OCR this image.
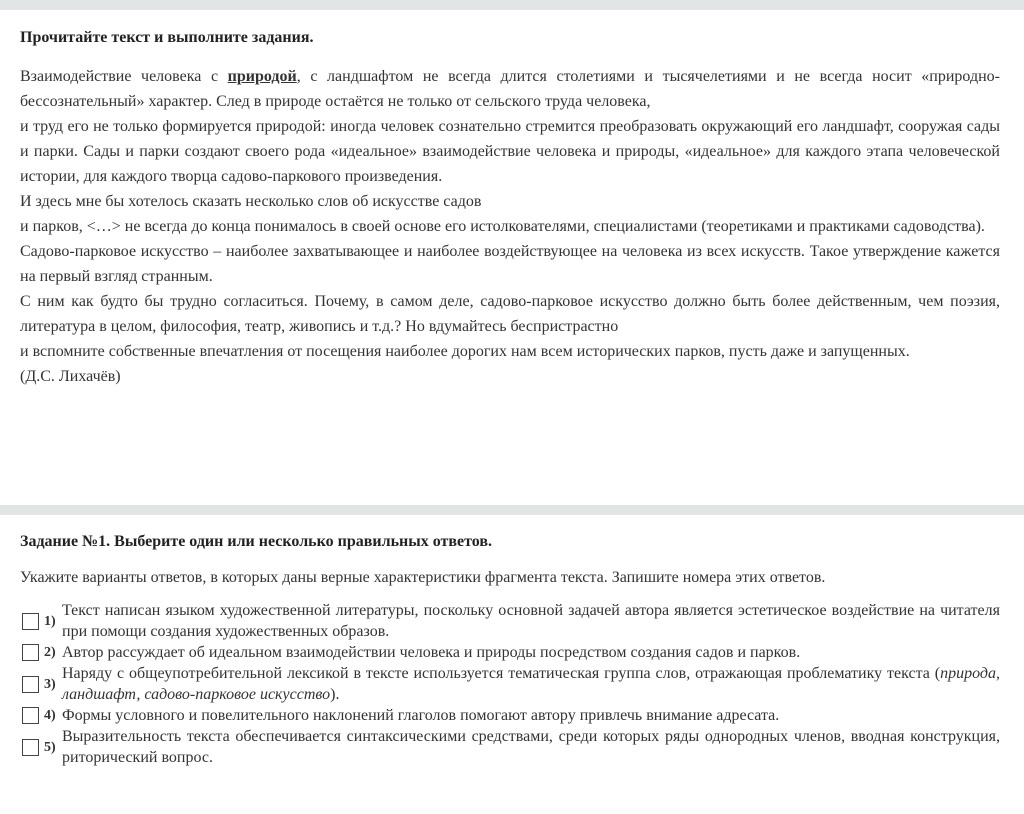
Прочитайте текст и выполните задания.

Взаимодействие человека с природой, с ландшафтом не всегда длится столетиями и тысячелетиями и не всегда носит «природно-бессознательный» характер. След в природе остаётся не только от сельского труда человека,

и труд его не только формируется природой: иногда человек сознательно стремится преобразовать окружающий его ландшафт, сооружая сады и парки. Сады и парки создают своего рода «идеальное» взаимодействие человека и природы, «идеальное» для каждого этапа человеческой истории, для каждого творца садово-паркового произведения.

И здесь мне бы хотелось сказать несколько слов об искусстве садов

и парков, <…> не всегда до конца понималось в своей основе его истолкователями, специалистами (теоретиками и практиками садоводства).

Садово-парковое искусство – наиболее захватывающее и наиболее воздействующее на человека из всех искусств. Такое утверждение кажется на первый взгляд странным.

С ним как будто бы трудно согласиться. Почему, в самом деле, садово-парковое искусство должно быть более действенным, чем поэзия, литература в целом, философия, театр, живопись и т.д.? Но вдумайтесь беспристрастно

и вспомните собственные впечатления от посещения наиболее дорогих нам всем исторических парков, пусть даже и запущенных.

(Д.С. Лихачёв)

Задание №1. Выберите один или несколько правильных ответов.
Укажите варианты ответов, в которых даны верные характеристики фрагмента текста. Запишите номера этих ответов.
1)
Текст написан языком художественной литературы, поскольку основной задачей автора является эстетическое воздействие на читателя при помощи создания художественных образов.
2) Автор рассуждает об идеальном взаимодействии человека и природы посредством создания садов и парков.
3)
Наряду с общеупотребительной лексикой в тексте используется тематическая группа слов, отражающая проблематику текста (природа, ландшафт, садово-парковое искусство).
4) Формы условного и повелительного наклонений глаголов помогают автору привлечь внимание адресата.
5)
Выразительность текста обеспечивается синтаксическими средствами, среди которых ряды однородных членов, вводная конструкция, риторический вопрос.
